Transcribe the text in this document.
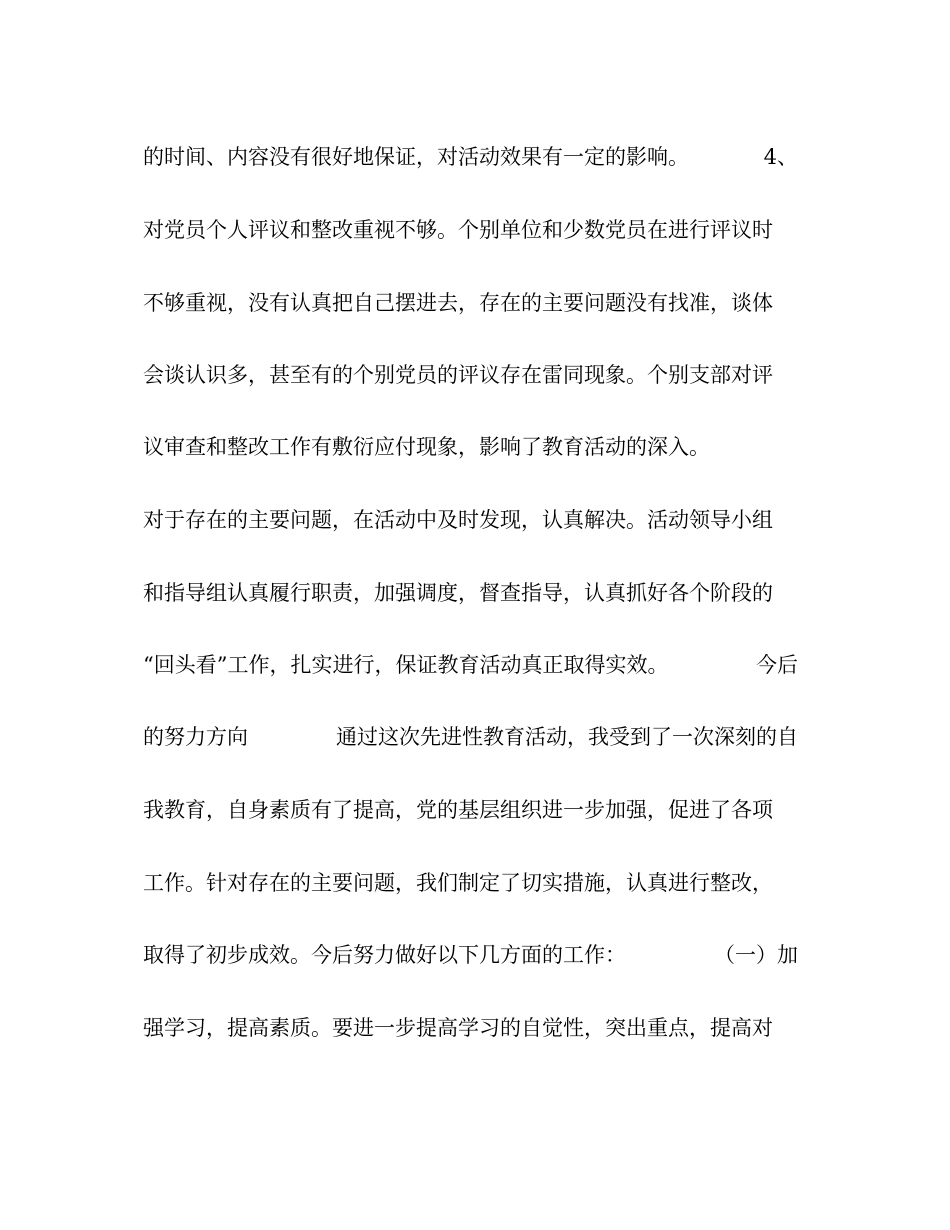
的时间、内容没有很好地保证，对活动效果有一定的影响。	4、
对党员个人评议和整改重视不够。个别单位和少数党员在进行评议时
不够重视，没有认真把自己摆进去，存在的主要问题没有找准，谈体
会谈认识多，甚至有的个别党员的评议存在雷同现象。个别支部对评
议审查和整改工作有敷衍应付现象，影响了教育活动的深入。
对于存在的主要问题，在活动中及时发现，认真解决。活动领导小组
和指导组认真履行职责，加强调度，督查指导，认真抓好各个阶段的
“回头看”工作，扎实进行，保证教育活动真正取得实效。	今后
的努力方向	通过这次先进性教育活动，我受到了一次深刻的自
我教育，自身素质有了提高，党的基层组织进一步加强，促进了各项
工作。针对存在的主要问题，我们制定了切实措施，认真进行整改，
取得了初步成效。今后努力做好以下几方面的工作：	（一）加
强学习，提高素质。要进一步提高学习的自觉性，突出重点，提高对
